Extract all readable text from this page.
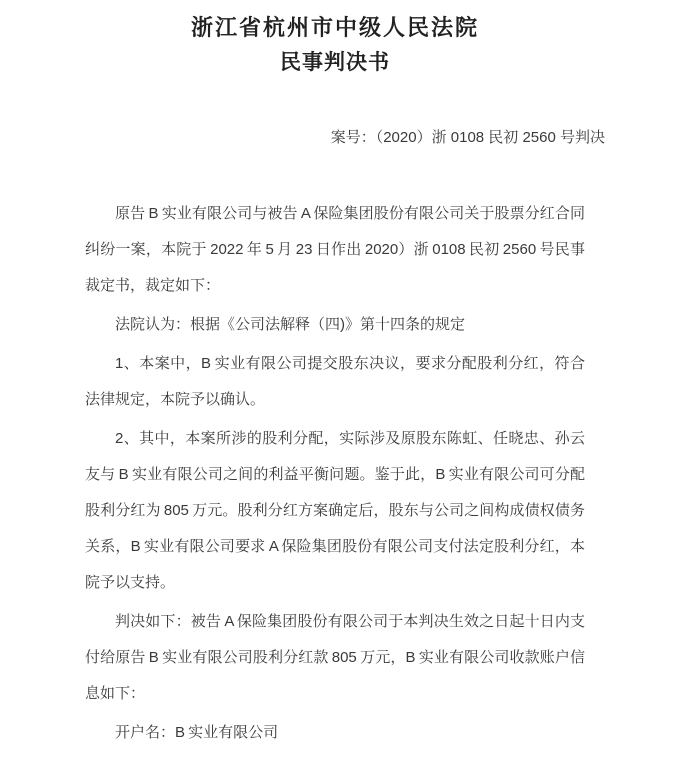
浙江省杭州市中级人民法院
民事判决书
案号：（2020）浙 0108 民初 2560 号判决

原告 B 实业有限公司与被告 A 保险集团股份有限公司关于股票分红合同纠纷一案，本院于 2022 年 5 月 23 日作出 2020）浙 0108 民初 2560 号民事裁定书，裁定如下：

法院认为：根据《公司法解释（四)》第十四条的规定

1、本案中，B 实业有限公司提交股东决议，要求分配股利分红，符合法律规定，本院予以确认。

2、其中，本案所涉的股利分配，实际涉及原股东陈虹、任晓忠、孙云友与 B 实业有限公司之间的利益平衡问题。鉴于此，B 实业有限公司可分配股利分红为 805 万元。股利分红方案确定后，股东与公司之间构成债权债务关系，B 实业有限公司要求 A 保险集团股份有限公司支付法定股利分红，本院予以支持。

判决如下：被告 A 保险集团股份有限公司于本判决生效之日起十日内支付给原告 B 实业有限公司股利分红款 805 万元，B 实业有限公司收款账户信息如下：

开户名：B 实业有限公司
